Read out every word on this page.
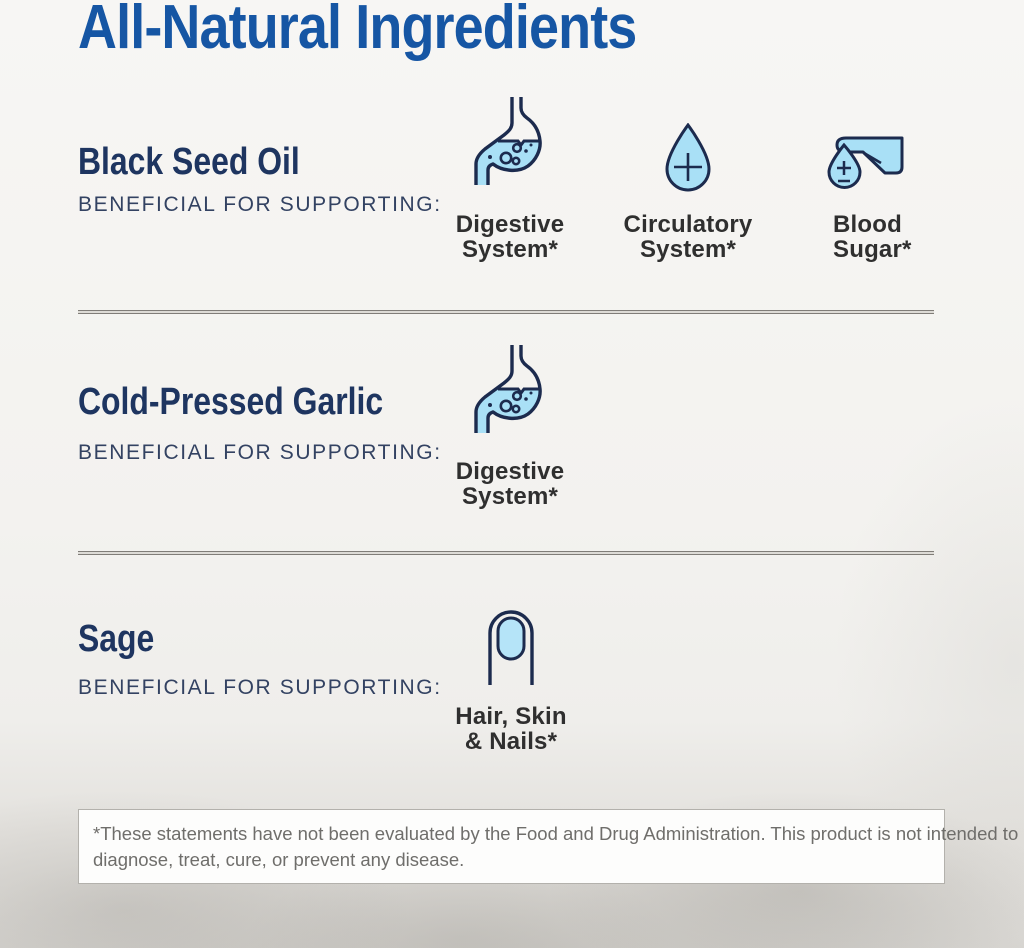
All-Natural Ingredients
Black Seed Oil
BENEFICIAL FOR SUPPORTING:
Digestive
System*
Circulatory
System*
Blood
Sugar*
Cold-Pressed Garlic
BENEFICIAL FOR SUPPORTING:
Digestive
System*
Sage
BENEFICIAL FOR SUPPORTING:
Hair, Skin
& Nails*
*These statements have not been evaluated by the Food and Drug Administration. This product is not intended to
diagnose, treat, cure, or prevent any disease.
